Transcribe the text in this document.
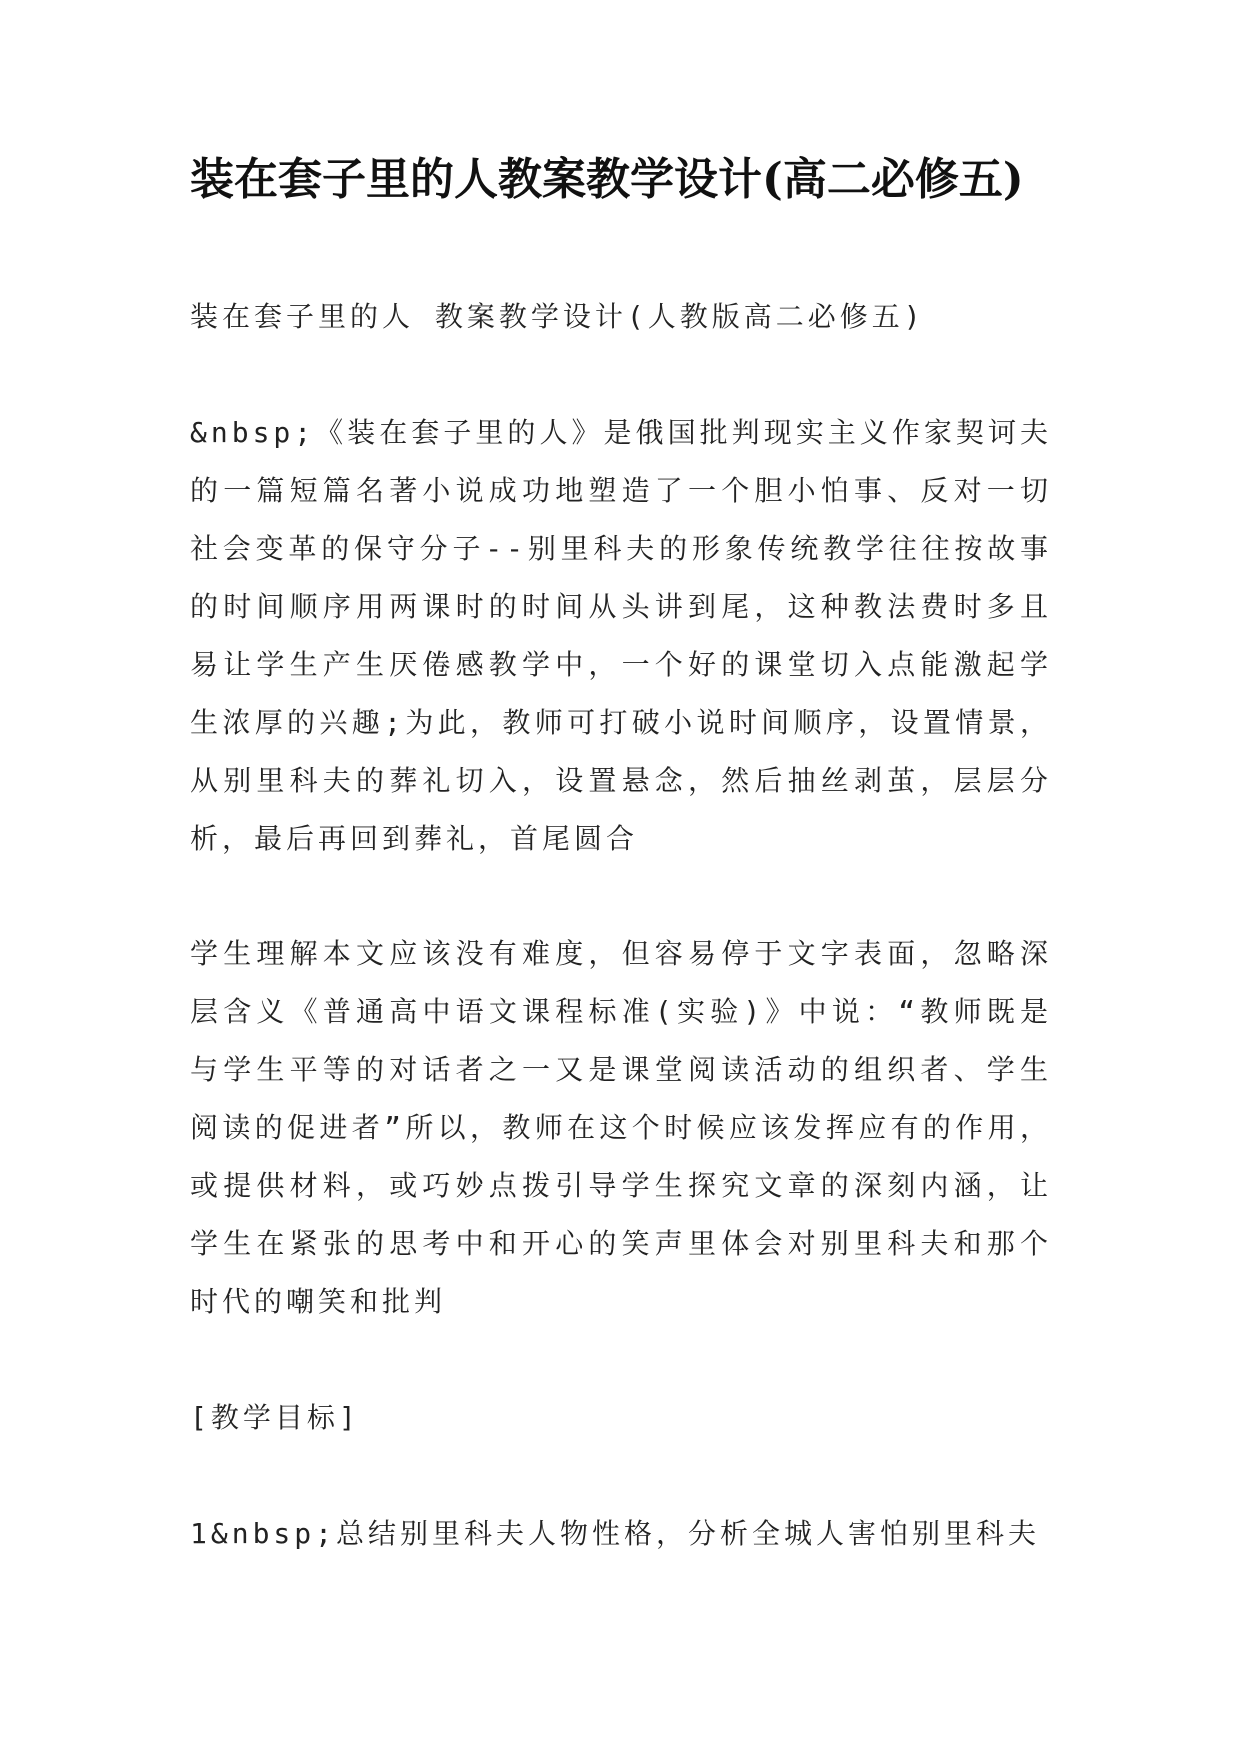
装在套子里的人教案教学设计(高二必修五)

装在套子里的人 教案教学设计(人教版高二必修五)

&nbsp;《装在套子里的人》是俄国批判现实主义作家契诃夫的一篇短篇名著小说成功地塑造了一个胆小怕事、反对一切社会变革的保守分子--别里科夫的形象传统教学往往按故事的时间顺序用两课时的时间从头讲到尾，这种教法费时多且易让学生产生厌倦感教学中，一个好的课堂切入点能激起学生浓厚的兴趣;为此，教师可打破小说时间顺序，设置情景，从别里科夫的葬礼切入，设置悬念，然后抽丝剥茧，层层分析，最后再回到葬礼，首尾圆合

学生理解本文应该没有难度，但容易停于文字表面，忽略深层含义《普通高中语文课程标准(实验)》中说：“教师既是与学生平等的对话者之一又是课堂阅读活动的组织者、学生阅读的促进者”所以，教师在这个时候应该发挥应有的作用，或提供材料，或巧妙点拨引导学生探究文章的深刻内涵，让学生在紧张的思考中和开心的笑声里体会对别里科夫和那个时代的嘲笑和批判

[教学目标]

1&nbsp;总结别里科夫人物性格，分析全城人害怕别里科夫
